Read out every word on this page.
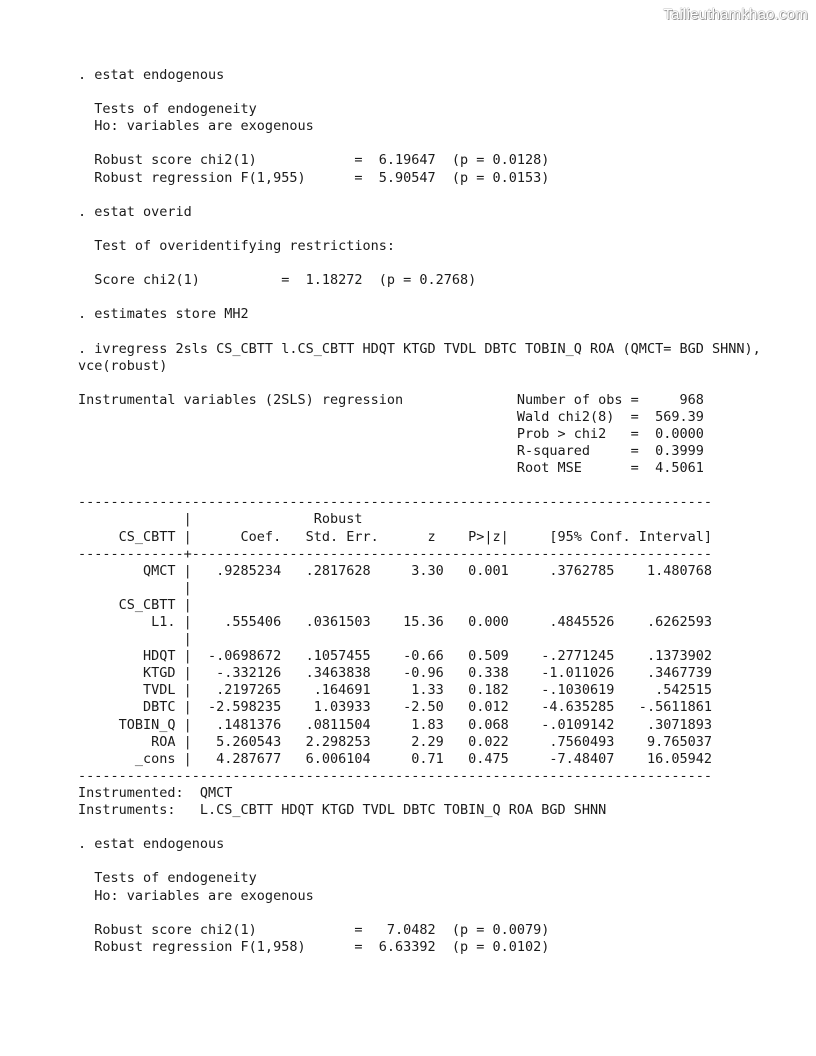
Tailieuthamkhao.com
. estat endogenous
Tests of endogeneity
Ho: variables are exogenous
Robust score chi2(1)            =  6.19647  (p = 0.0128)
Robust regression F(1,955)      =  5.90547  (p = 0.0153)
. estat overid
Test of overidentifying restrictions:
Score chi2(1)          =  1.18272  (p = 0.2768)
. estimates store MH2
. ivregress 2sls CS_CBTT l.CS_CBTT HDQT KTGD TVDL DBTC TOBIN_Q ROA (QMCT= BGD SHNN),
vce(robust)
Instrumental variables (2SLS) regression              Number of obs =     968
Wald chi2(8)  =  569.39
Prob > chi2   =  0.0000
R-squared     =  0.3999
Root MSE      =  4.5061
------------------------------------------------------------------------------
|               Robust
CS_CBTT |      Coef.   Std. Err.      z    P>|z|     [95% Conf. Interval]
-------------+----------------------------------------------------------------
QMCT |   .9285234   .2817628     3.30   0.001     .3762785    1.480768
|
CS_CBTT |
L1. |    .555406   .0361503    15.36   0.000     .4845526    .6262593
|
HDQT |  -.0698672   .1057455    -0.66   0.509    -.2771245    .1373902
KTGD |   -.332126   .3463838    -0.96   0.338    -1.011026    .3467739
TVDL |   .2197265    .164691     1.33   0.182    -.1030619     .542515
DBTC |  -2.598235    1.03933    -2.50   0.012    -4.635285   -.5611861
TOBIN_Q |   .1481376   .0811504     1.83   0.068    -.0109142    .3071893
ROA |   5.260543   2.298253     2.29   0.022     .7560493    9.765037
_cons |   4.287677   6.006104     0.71   0.475     -7.48407    16.05942
------------------------------------------------------------------------------
Instrumented:  QMCT
Instruments:   L.CS_CBTT HDQT KTGD TVDL DBTC TOBIN_Q ROA BGD SHNN
. estat endogenous
Tests of endogeneity
Ho: variables are exogenous
Robust score chi2(1)            =   7.0482  (p = 0.0079)
Robust regression F(1,958)      =  6.63392  (p = 0.0102)
